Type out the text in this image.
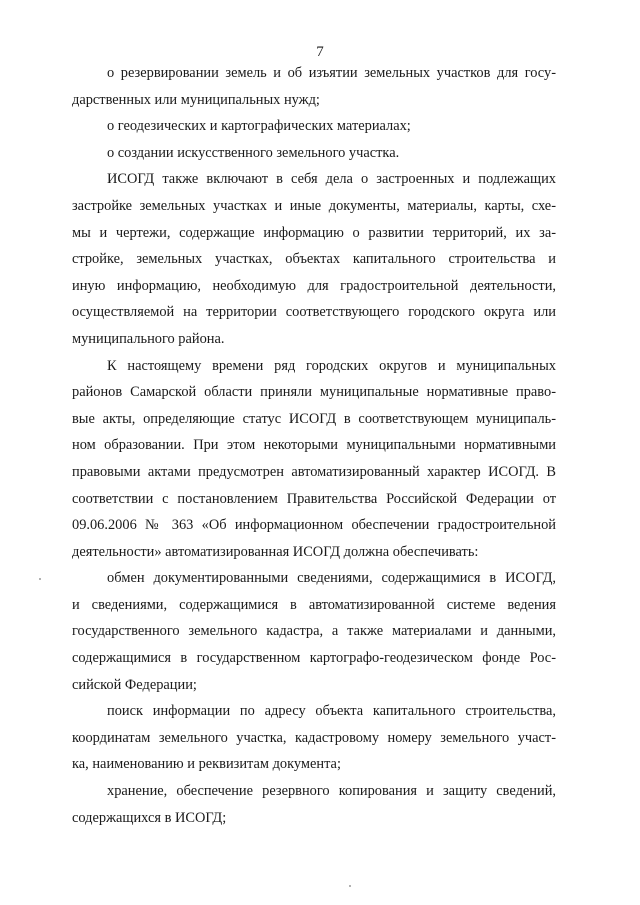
7
о резервировании земель и об изъятии земельных участков для госу-
дарственных или муниципальных нужд;
о геодезических и картографических материалах;
о создании искусственного земельного участка.
ИСОГД также включают в себя дела о застроенных и подлежащих
застройке земельных участках и иные документы, материалы, карты, схе-
мы и чертежи, содержащие информацию о развитии территорий, их за-
стройке, земельных участках, объектах капитального строительства и
иную информацию, необходимую для градостроительной деятельности,
осуществляемой на территории соответствующего городского округа или
муниципального района.
К настоящему времени ряд городских округов и муниципальных
районов Самарской области приняли муниципальные нормативные право-
вые акты, определяющие статус ИСОГД в соответствующем муниципаль-
ном образовании. При этом некоторыми муниципальными нормативными
правовыми актами предусмотрен автоматизированный характер ИСОГД. В
соответствии с постановлением Правительства Российской Федерации от
09.06.2006 № 363 «Об информационном обеспечении градостроительной
деятельности» автоматизированная ИСОГД должна обеспечивать:
обмен документированными сведениями, содержащимися в ИСОГД,
и сведениями, содержащимися в автоматизированной системе ведения
государственного земельного кадастра, а также материалами и данными,
содержащимися в государственном картографо-геодезическом фонде Рос-
сийской Федерации;
поиск информации по адресу объекта капитального строительства,
координатам земельного участка, кадастровому номеру земельного участ-
ка, наименованию и реквизитам документа;
хранение, обеспечение резервного копирования и защиту сведений,
содержащихся в ИСОГД;
